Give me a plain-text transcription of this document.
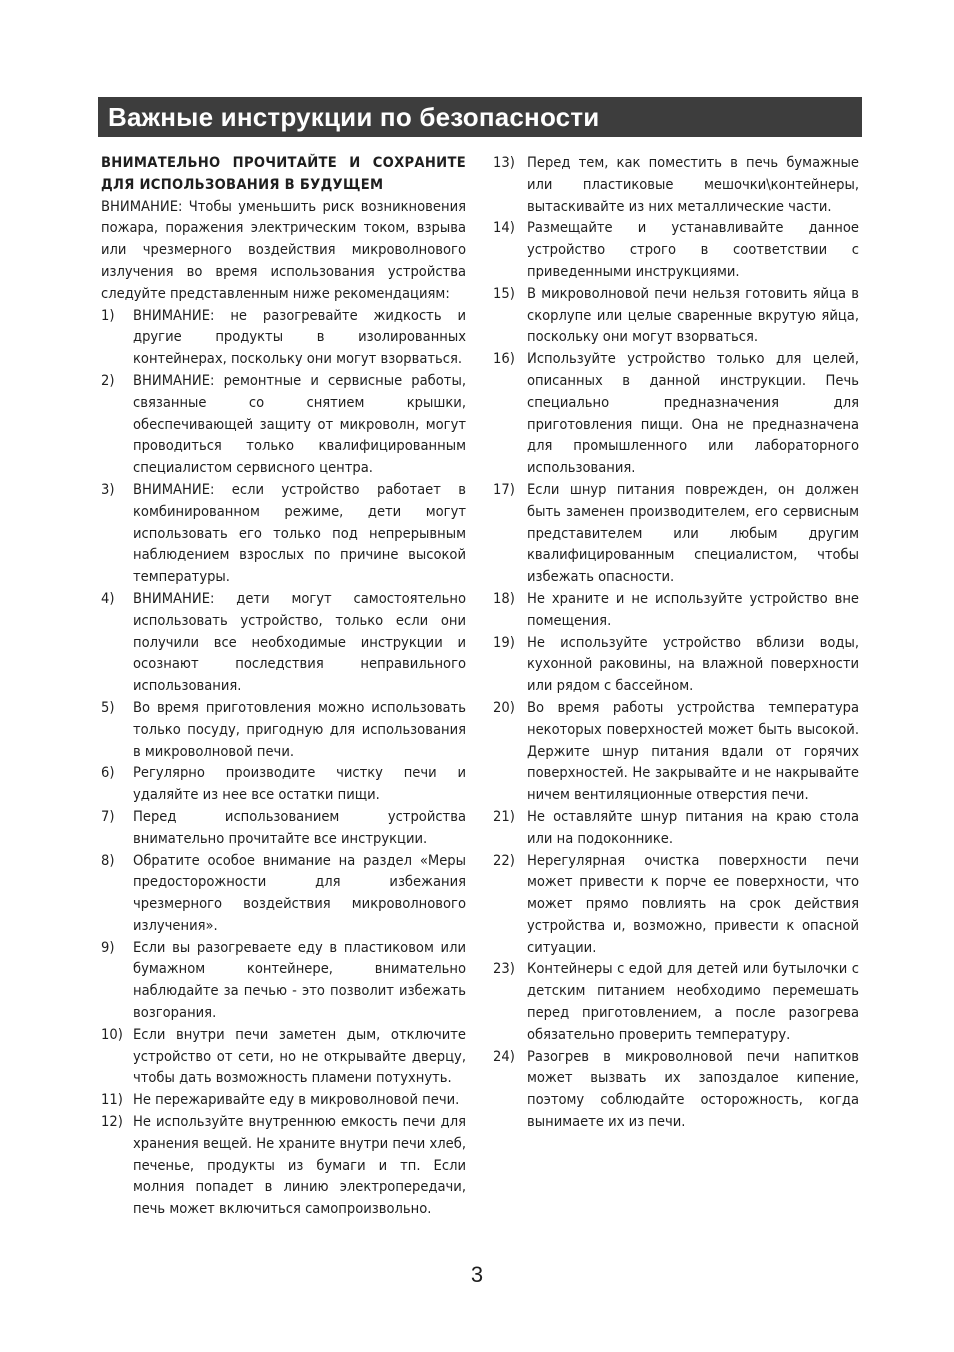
Важные инструкции по безопасности
ВНИМАТЕЛЬНО ПРОЧИТАЙТЕ И СОХРАНИТЕ ДЛЯ ИСПОЛЬЗОВАНИЯ В БУДУЩЕМ

ВНИМАНИЕ: Чтобы уменьшить риск возникновения пожара, поражения электрическим током, взрыва или чрезмерного воздействия микроволнового излучения во время использования устройства следуйте представленным ниже рекомендациям:

1)	ВНИМАНИЕ: не разогревайте жидкость и другие продукты в изолированных контейнерах, поскольку они могут взорваться.
2)	ВНИМАНИЕ: ремонтные и сервисные работы, связанные со снятием крышки, обеспечивающей защиту от микроволн, могут проводиться только квалифицированным специалистом сервисного центра.
3)	ВНИМАНИЕ: если устройство работает в комбинированном режиме, дети могут использовать его только под непрерывным наблюдением взрослых по причине высокой температуры.
4)	ВНИМАНИЕ: дети могут самостоятельно использовать устройство, только если они получили все необходимые инструкции и осознают последствия неправильного использования.
5)	Во время приготовления можно использовать только посуду, пригодную для использования в микроволновой печи.
6)	Регулярно производите чистку печи и удаляйте из нее все остатки пищи.
7)	Перед использованием устройства внимательно прочитайте все инструкции.
8)	Обратите особое внимание на раздел «Меры предосторожности для избежания чрезмерного воздействия микроволнового излучения».
9)	Если вы разогреваете еду в пластиковом или бумажном контейнере, внимательно наблюдайте за печью - это позволит избежать возгорания.
10) Если внутри печи заметен дым, отключите устройство от сети, но не открывайте дверцу, чтобы дать возможность пламени потухнуть.
11) Не пережаривайте еду в микроволновой печи.
12) Не используйте внутреннюю емкость печи для хранения вещей. Не храните внутри печи хлеб, печенье, продукты из бумаги и тп. Если молния попадет в линию электропередачи, печь может включиться самопроизвольно.
13) Перед тем, как поместить в печь бумажные или пластиковые мешочки\контейнеры, вытаскивайте из них металлические части.
14) Размещайте и устанавливайте данное устройство строго в соответствии с приведенными инструкциями.
15) В микроволновой печи нельзя готовить яйца в скорлупе или целые сваренные вкрутую яйца, поскольку они могут взорваться.
16) Используйте устройство только для целей, описанных в данной инструкции. Печь специально предназначения для приготовления пищи. Она не предназначена для промышленного или лабораторного использования.
17) Если шнур питания поврежден, он должен быть заменен производителем, его сервисным представителем или любым другим квалифицированным специалистом, чтобы избежать опасности.
18) Не храните и не используйте устройство вне помещения.
19) Не используйте устройство вблизи воды, кухонной раковины, на влажной поверхности или рядом с бассейном.
20) Во время работы устройства температура некоторых поверхностей может быть высокой. Держите шнур питания вдали от горячих поверхностей. Не закрывайте и не накрывайте ничем вентиляционные отверстия печи.
21) Не оставляйте шнур питания на краю стола или на подоконнике.
22) Нерегулярная очистка поверхности печи может привести к порче ее поверхности, что может прямо повлиять на срок действия устройства и, возможно, привести к опасной ситуации.
23) Контейнеры с едой для детей или бутылочки с детским питанием необходимо перемешать перед приготовлением, а после разогрева обязательно проверить температуру.
24) Разогрев в микроволновой печи напитков может вызвать их запоздалое кипение, поэтому соблюдайте осторожность, когда вынимаете их из печи.
3
